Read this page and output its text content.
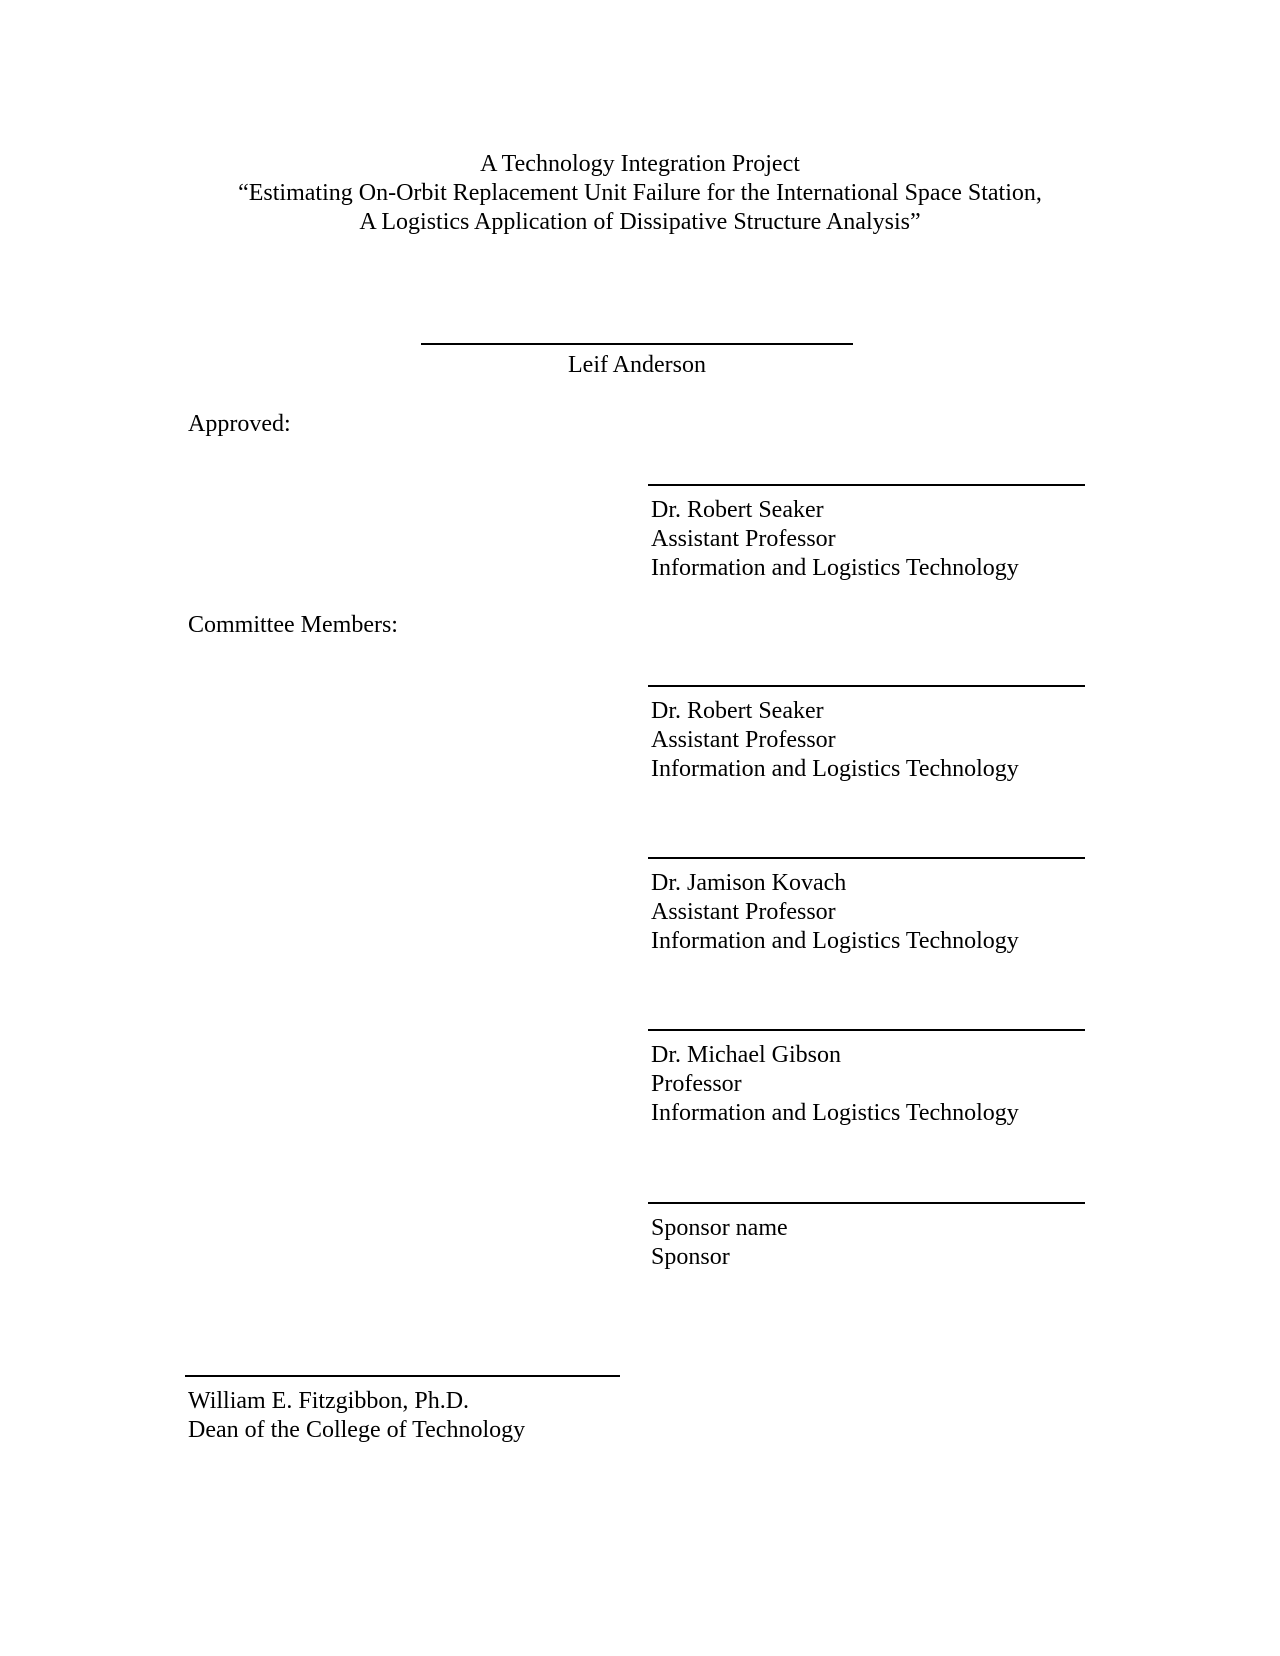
A Technology Integration Project
“Estimating On-Orbit Replacement Unit Failure for the International Space Station,
A Logistics Application of Dissipative Structure Analysis”
Leif Anderson
Approved:
Dr. Robert Seaker
Assistant Professor
Information and Logistics Technology
Committee Members:
Dr. Robert Seaker
Assistant Professor
Information and Logistics Technology
Dr. Jamison Kovach
Assistant Professor
Information and Logistics Technology
Dr. Michael Gibson
Professor
Information and Logistics Technology
Sponsor name
Sponsor
William E. Fitzgibbon, Ph.D.
Dean of the College of Technology
